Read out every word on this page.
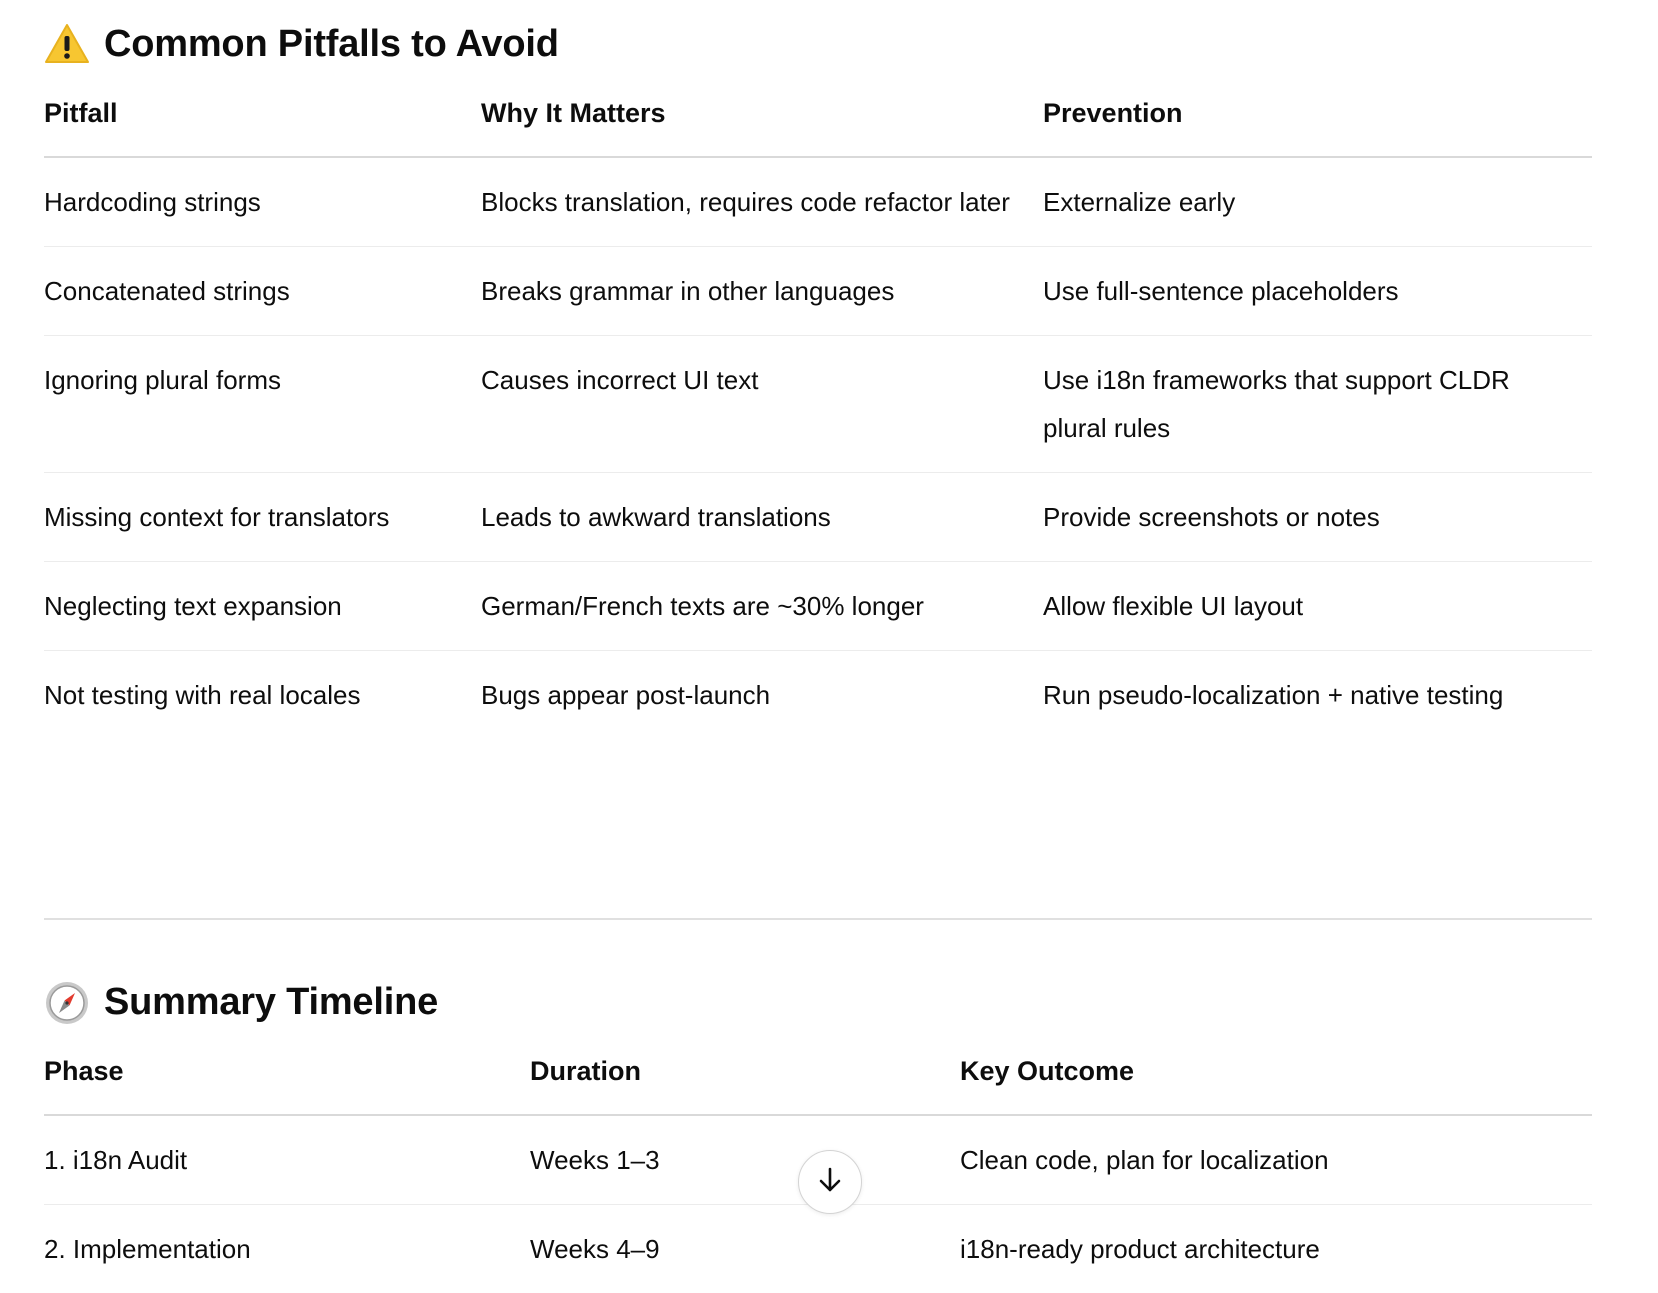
Common Pitfalls to Avoid
Pitfall	Why It Matters	Prevention
Hardcoding strings	Blocks translation, requires code refactor later	Externalize early
Concatenated strings	Breaks grammar in other languages	Use full-sentence placeholders
Ignoring plural forms	Causes incorrect UI text	Use i18n frameworks that support CLDR plural rules
Missing context for translators	Leads to awkward translations	Provide screenshots or notes
Neglecting text expansion	German/French texts are ~30% longer	Allow flexible UI layout
Not testing with real locales	Bugs appear post-launch	Run pseudo-localization + native testing
Summary Timeline
Phase	Duration	Key Outcome
1. i18n Audit	Weeks 1–3	Clean code, plan for localization
2. Implementation	Weeks 4–9	i18n-ready product architecture
